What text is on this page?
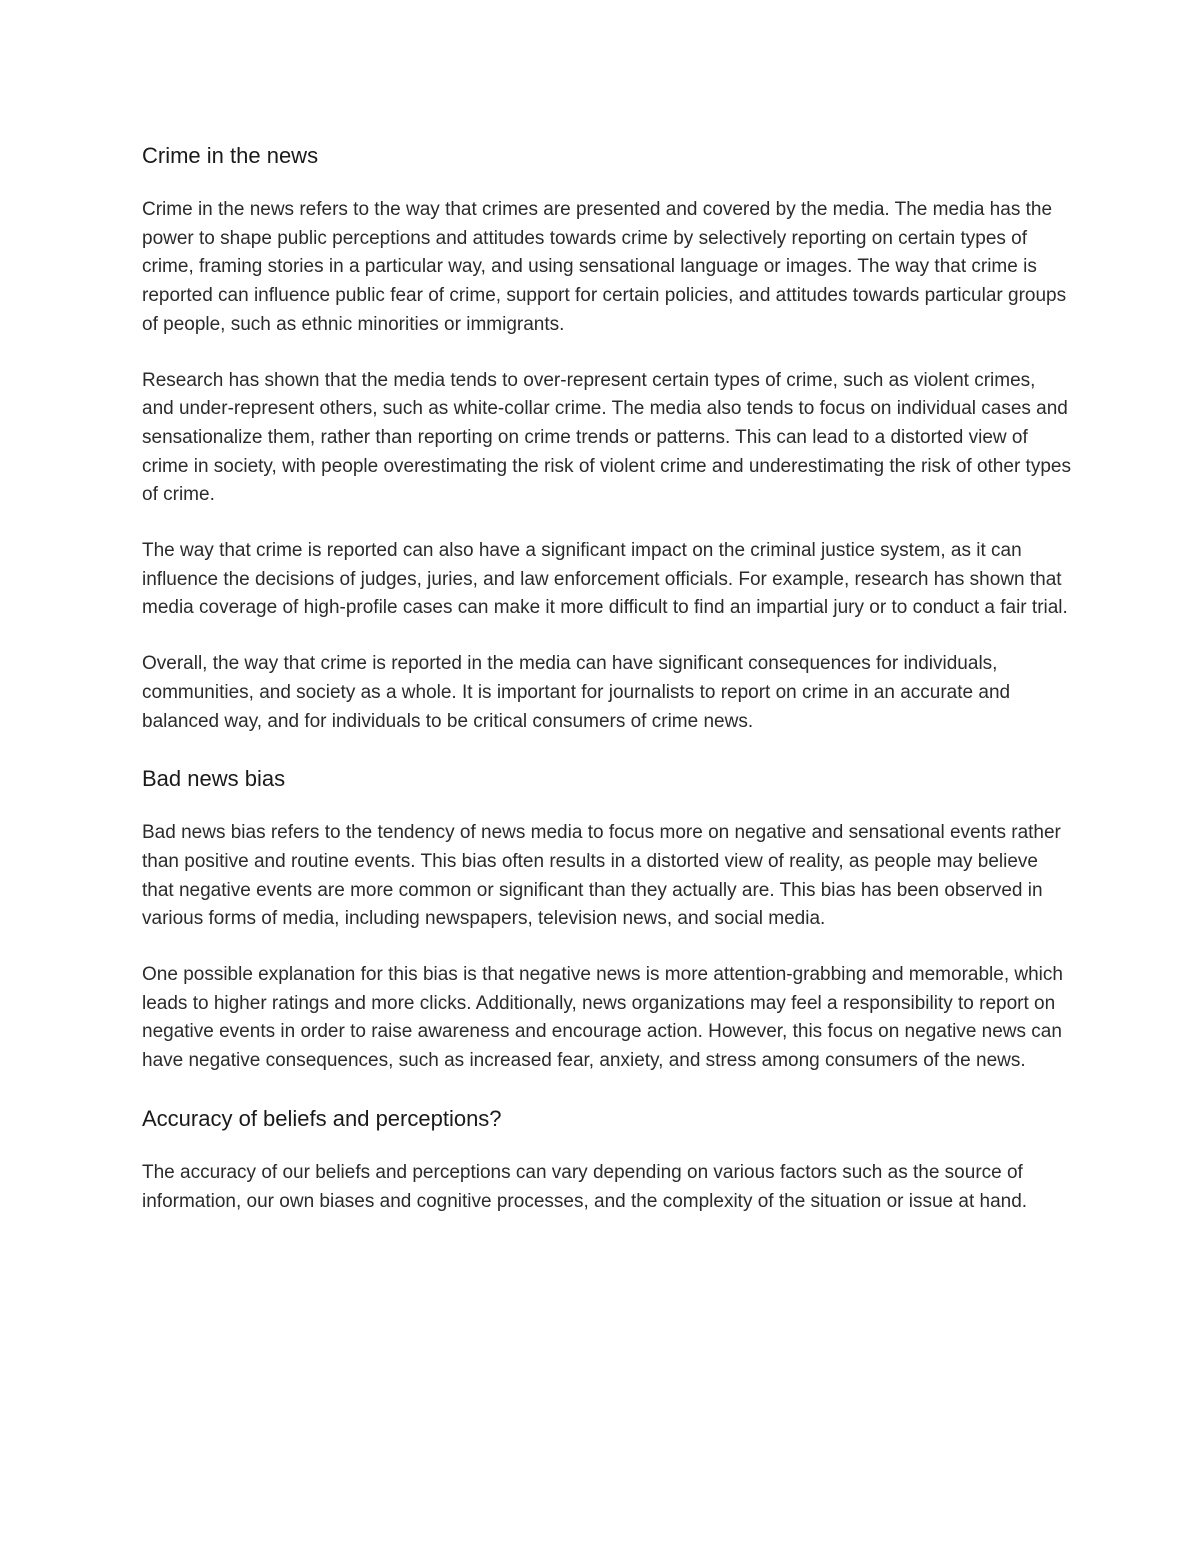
Crime in the news

Crime in the news refers to the way that crimes are presented and covered by the media. The media has the power to shape public perceptions and attitudes towards crime by selectively reporting on certain types of crime, framing stories in a particular way, and using sensational language or images. The way that crime is reported can influence public fear of crime, support for certain policies, and attitudes towards particular groups of people, such as ethnic minorities or immigrants.

Research has shown that the media tends to over-represent certain types of crime, such as violent crimes, and under-represent others, such as white-collar crime. The media also tends to focus on individual cases and sensationalize them, rather than reporting on crime trends or patterns. This can lead to a distorted view of crime in society, with people overestimating the risk of violent crime and underestimating the risk of other types of crime.

The way that crime is reported can also have a significant impact on the criminal justice system, as it can influence the decisions of judges, juries, and law enforcement officials. For example, research has shown that media coverage of high-profile cases can make it more difficult to find an impartial jury or to conduct a fair trial.

Overall, the way that crime is reported in the media can have significant consequences for individuals, communities, and society as a whole. It is important for journalists to report on crime in an accurate and balanced way, and for individuals to be critical consumers of crime news.

Bad news bias

Bad news bias refers to the tendency of news media to focus more on negative and sensational events rather than positive and routine events. This bias often results in a distorted view of reality, as people may believe that negative events are more common or significant than they actually are. This bias has been observed in various forms of media, including newspapers, television news, and social media.

One possible explanation for this bias is that negative news is more attention-grabbing and memorable, which leads to higher ratings and more clicks. Additionally, news organizations may feel a responsibility to report on negative events in order to raise awareness and encourage action. However, this focus on negative news can have negative consequences, such as increased fear, anxiety, and stress among consumers of the news.

Accuracy of beliefs and perceptions?

The accuracy of our beliefs and perceptions can vary depending on various factors such as the source of information, our own biases and cognitive processes, and the complexity of the situation or issue at hand.
